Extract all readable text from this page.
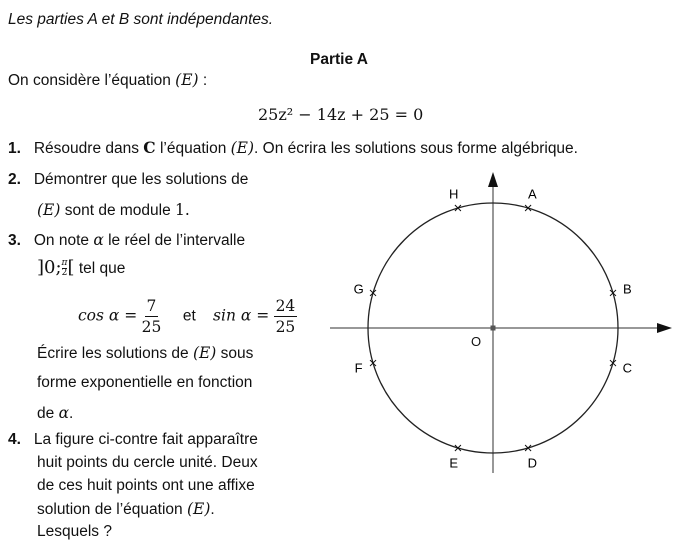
Les parties A et B sont indépendantes.
Partie A
On considère l’équation (E) :
25z² − 14z + 25 = 0
1. Résoudre dans C l’équation (E). On écrira les solutions sous forme algébrique.
2. Démontrer que les solutions de
(E) sont de module 1.
3. On note α le réel de l’intervalle
]0; $\frac{\pi}{2}$ [ tel que
$\cos \alpha = \frac{7}{25}$ et $\sin \alpha = \frac{24}{25}$
Écrire les solutions de (E) sous
forme exponentielle en fonction
de α.
4. La figure ci-contre fait apparaître
huit points du cercle unité. Deux
de ces huit points ont une affixe
solution de l’équation (E).
Lesquels ?
O
A
B
C
D
E
F
G
H
